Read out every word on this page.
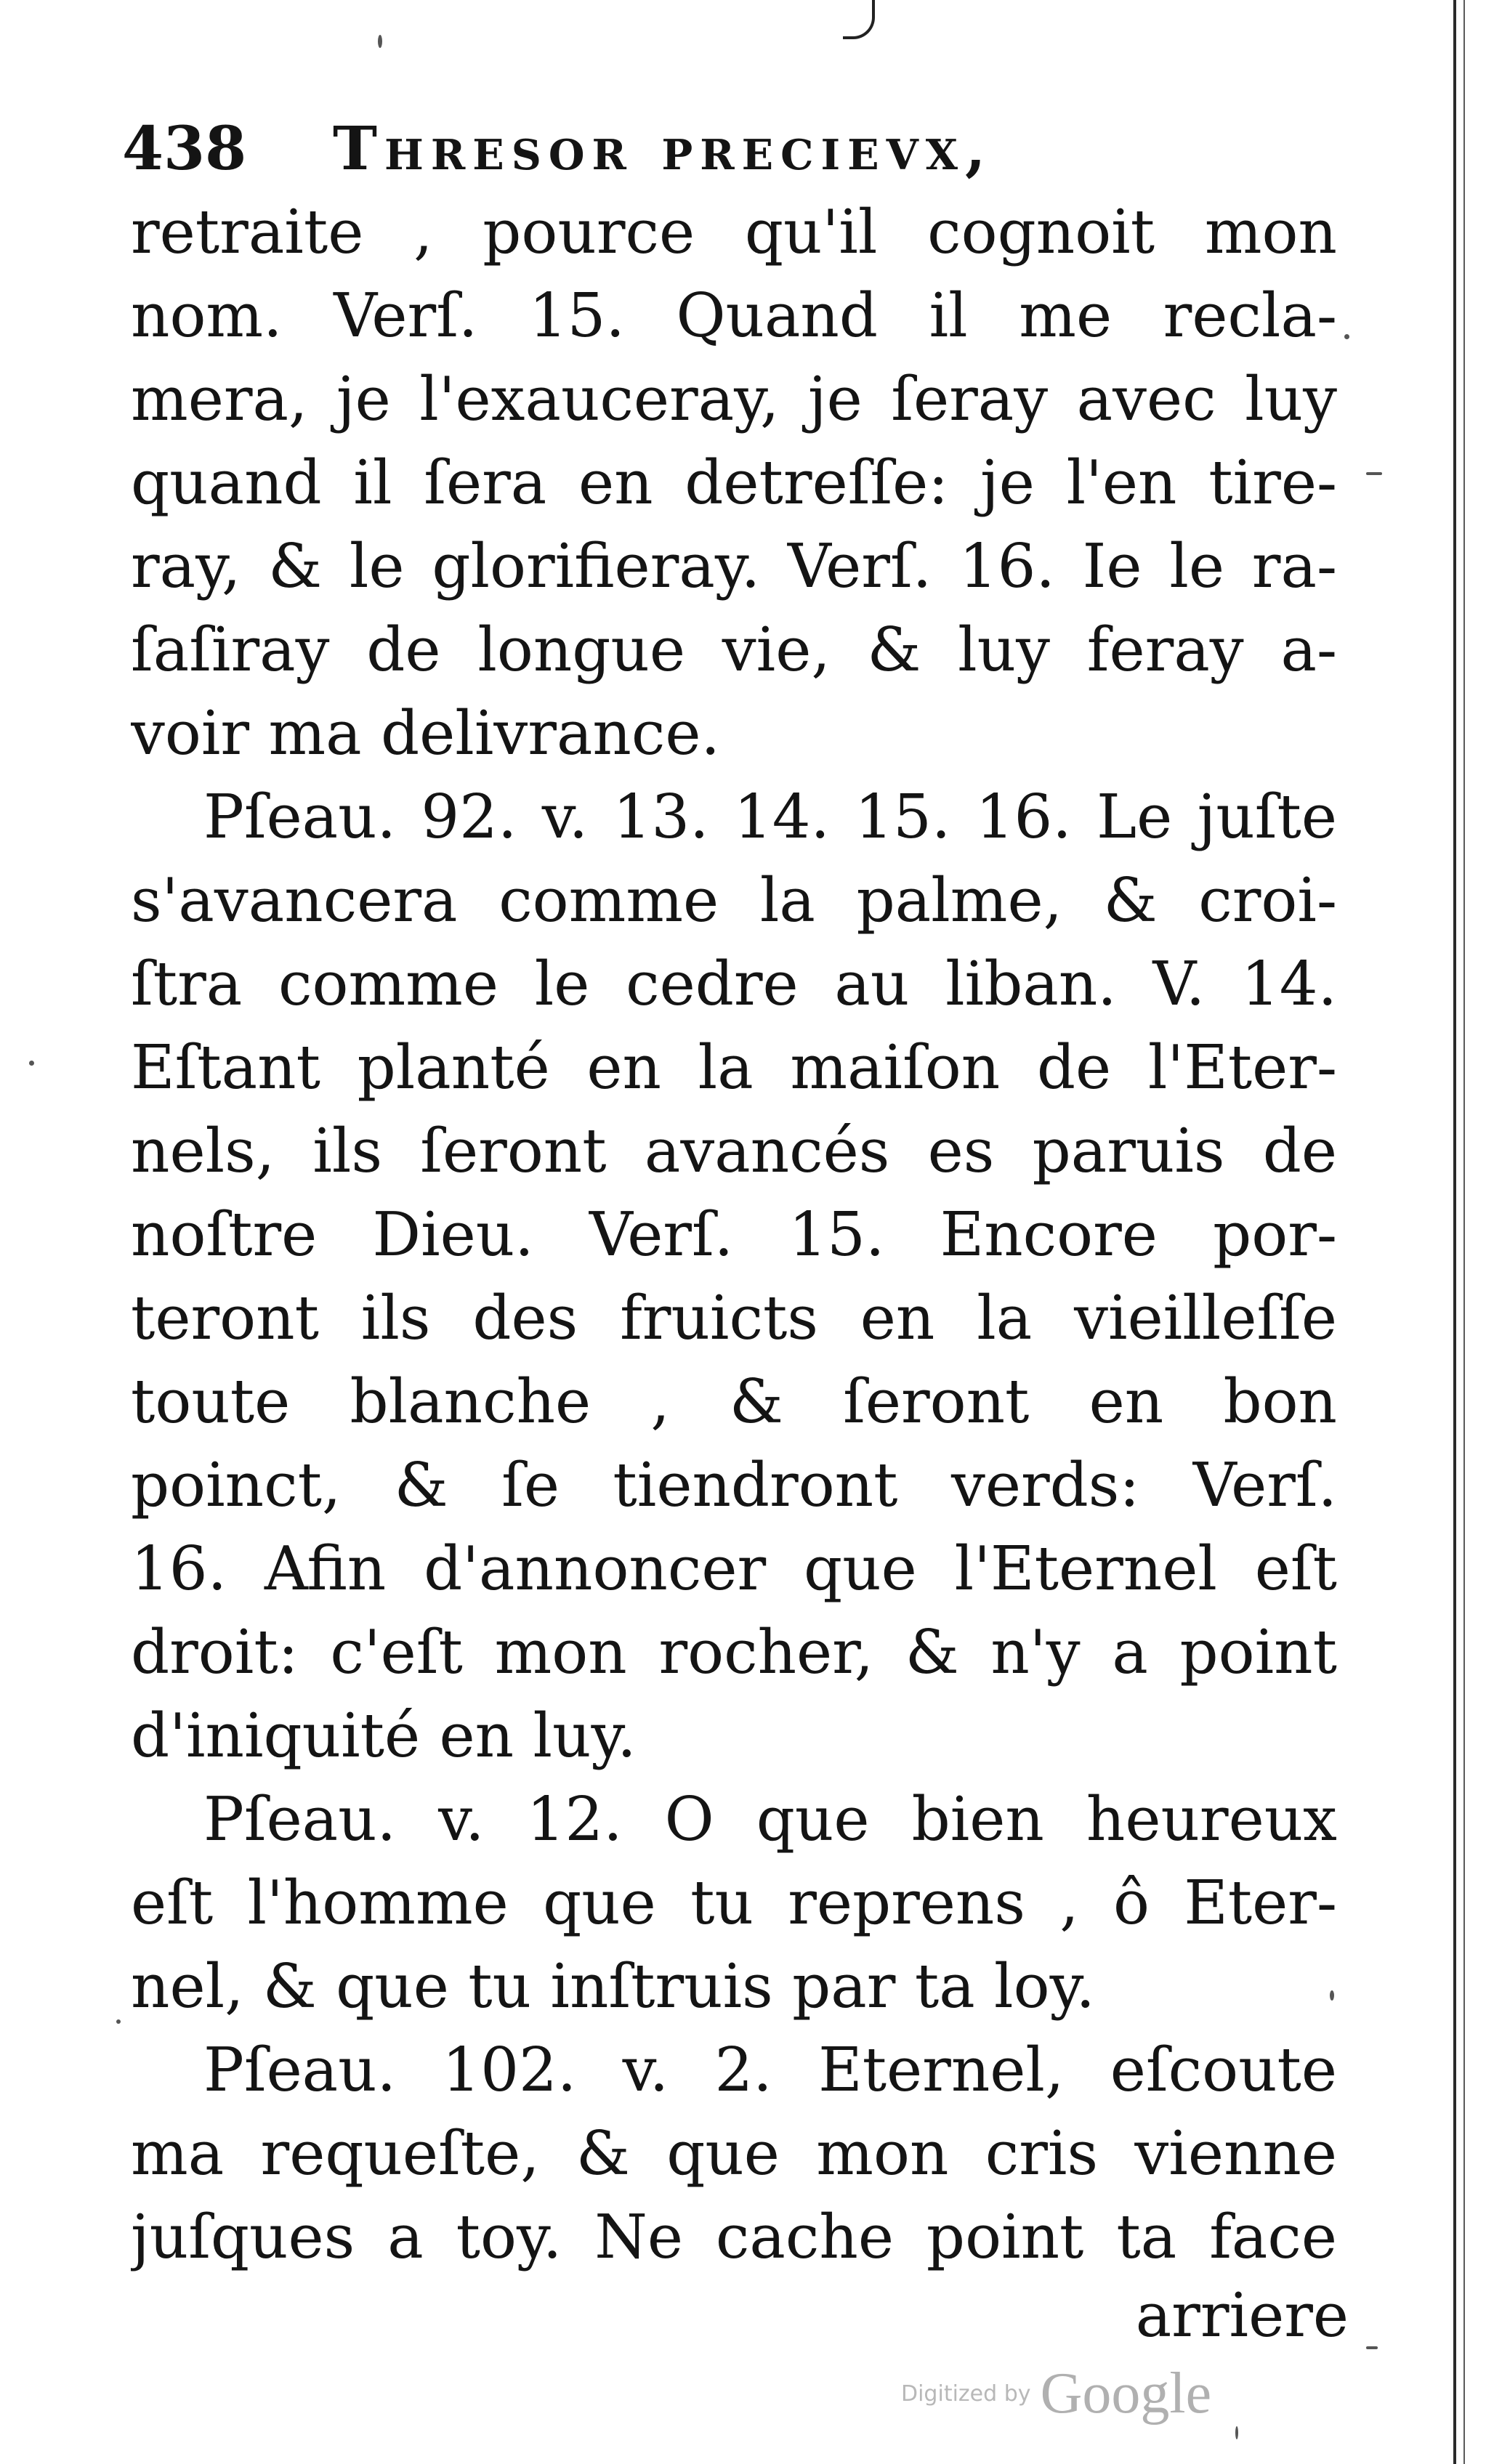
438 Thresor precievx,
retraite , pource qu'il cognoit mon
nom. Verſ. 15. Quand il me recla-
mera, je l'exauceray, je ſeray avec luy
quand il ſera en detreſſe: je l'en tire-
ray, & le glorifieray. Verſ. 16. Ie le ra-
ſaſiray de longue vie, & luy feray a-
voir ma delivrance.
Pſeau. 92. v. 13. 14. 15. 16. Le juſte
s'avancera comme la palme, & croi-
ſtra comme le cedre au liban. V. 14.
Eſtant planté en la maiſon de l'Eter-
nels, ils ſeront avancés es paruis de
noſtre Dieu. Verſ. 15. Encore por-
teront ils des fruicts en la vieilleſſe
toute blanche , & ſeront en bon
poinct, & ſe tiendront verds: Verſ.
16. Afin d'annoncer que l'Eternel eſt
droit: c'eſt mon rocher, & n'y a point
d'iniquité en luy.
Pſeau. v. 12. O que bien heureux
eſt l'homme que tu reprens , ô Eter-
nel, & que tu inſtruis par ta loy.
Pſeau. 102. v. 2. Eternel, eſcoute
ma requeſte, & que mon cris vienne
juſques a toy. Ne cache point ta face
arriere
Digitized by Google
